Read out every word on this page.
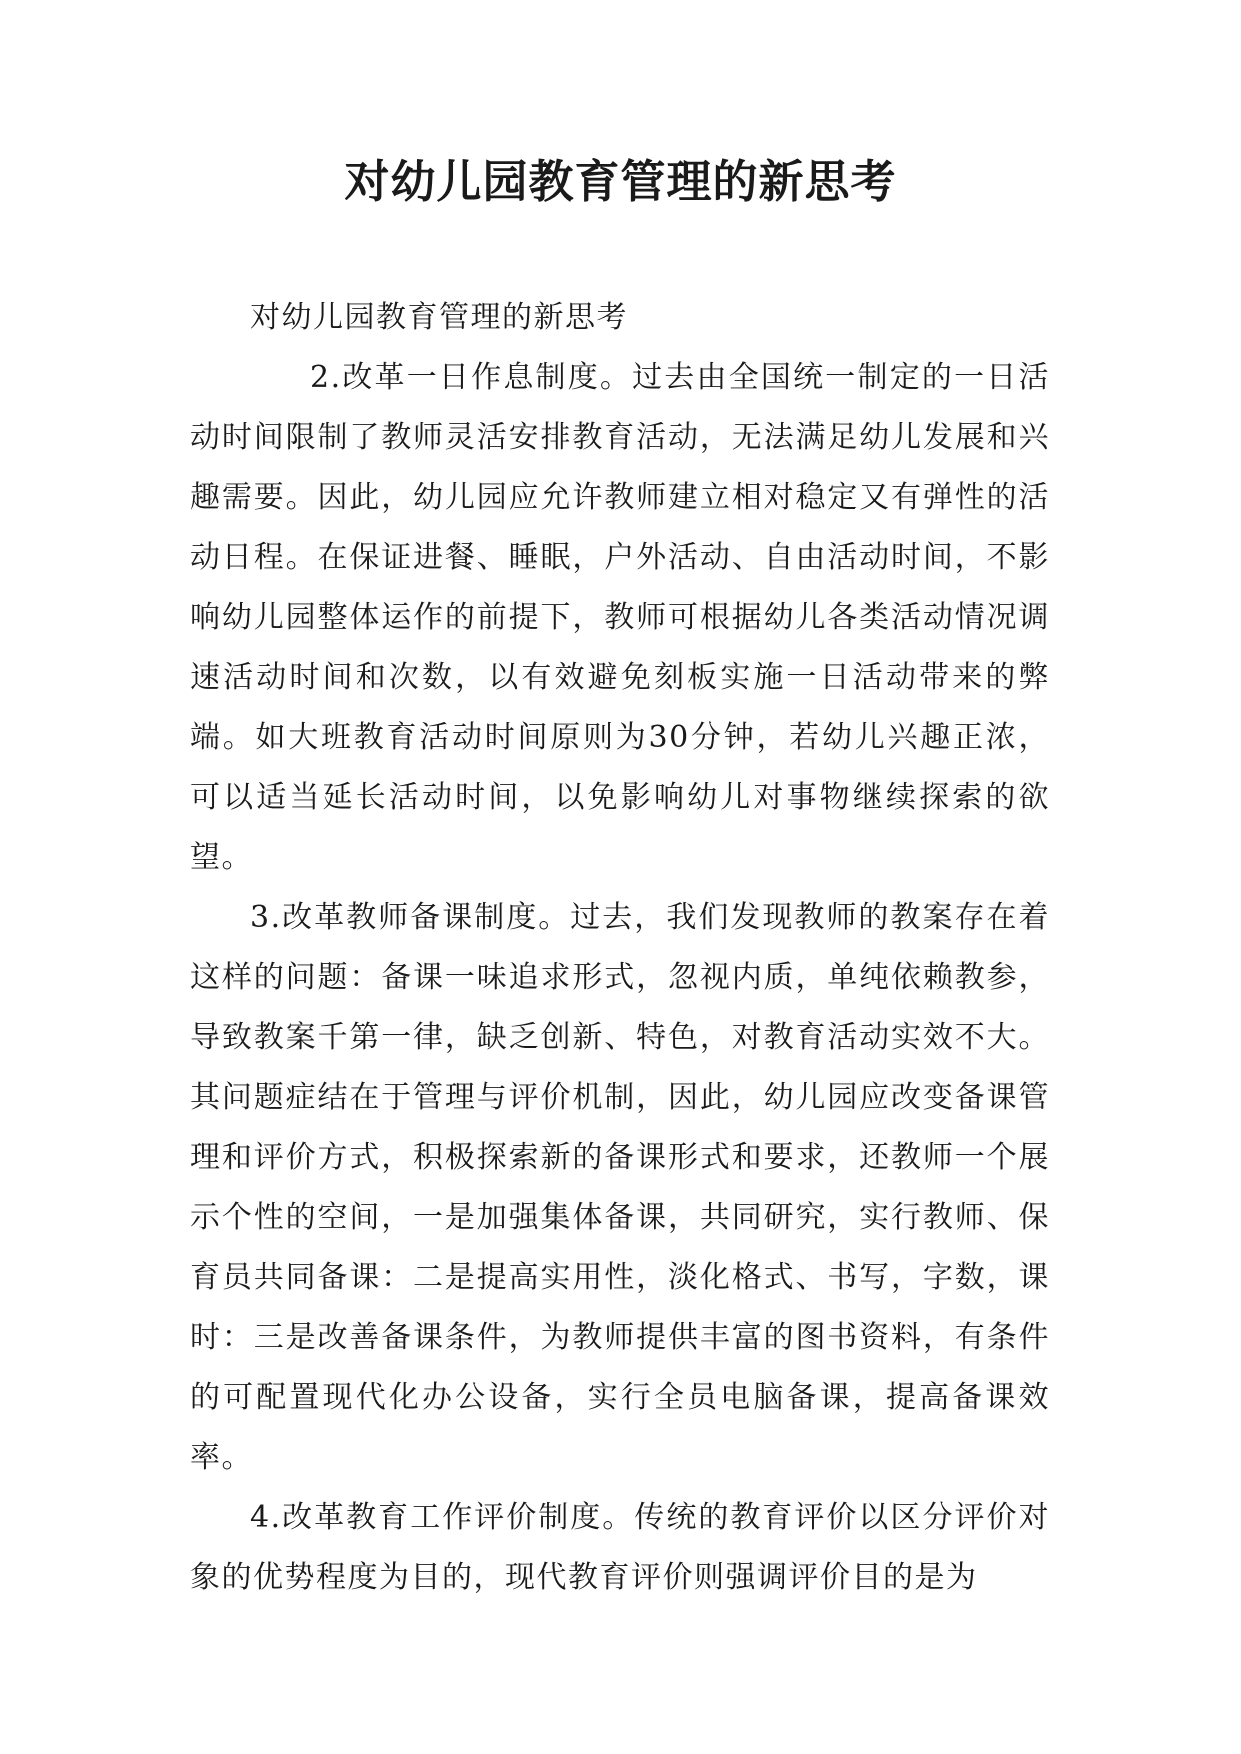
对幼儿园教育管理的新思考

对幼儿园教育管理的新思考

2.改革一日作息制度。过去由全国统一制定的一日活动时间限制了教师灵活安排教育活动，无法满足幼儿发展和兴趣需要。因此，幼儿园应允许教师建立相对稳定又有弹性的活动日程。在保证进餐、睡眠，户外活动、自由活动时间，不影响幼儿园整体运作的前提下，教师可根据幼儿各类活动情况调速活动时间和次数，以有效避免刻板实施一日活动带来的弊端。如大班教育活动时间原则为30分钟，若幼儿兴趣正浓，可以适当延长活动时间，以免影响幼儿对事物继续探索的欲望。

3.改革教师备课制度。过去，我们发现教师的教案存在着这样的问题：备课一味追求形式，忽视内质，单纯依赖教参，导致教案千第一律，缺乏创新、特色，对教育活动实效不大。其问题症结在于管理与评价机制，因此，幼儿园应改变备课管理和评价方式，积极探索新的备课形式和要求，还教师一个展示个性的空间，一是加强集体备课，共同研究，实行教师、保育员共同备课：二是提高实用性，淡化格式、书写，字数，课时：三是改善备课条件，为教师提供丰富的图书资料，有条件的可配置现代化办公设备，实行全员电脑备课，提高备课效率。

4.改革教育工作评价制度。传统的教育评价以区分评价对象的优势程度为目的，现代教育评价则强调评价目的是为
